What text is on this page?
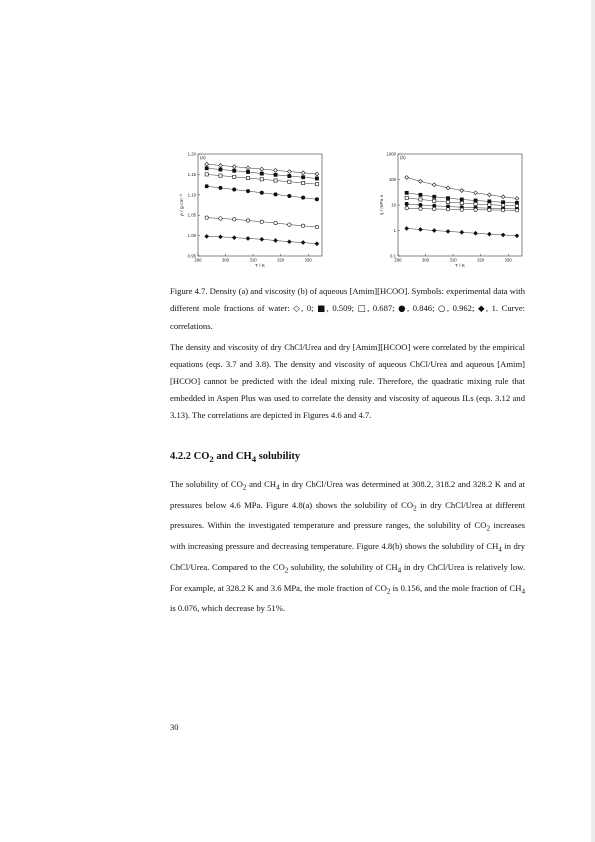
290	300	310	320	330
0.95
1.00
1.05
1.10
1.15
1.20
T / K
ρ / g·cm⁻³
(a)
290	300	310	320	330
0.1
1
10
100
1000
T / K
η / mPa·s
(b)
Figure 4.7. Density (a) and viscosity (b) of aqueous [Amim][HCOO]. Symbols: experimental data with different mole fractions of water: ◇, 0; ■, 0.509; □, 0.687; ●, 0.846; ○, 0.962; ◆, 1. Curve: correlations.
The density and viscosity of dry ChCl/Urea and dry [Amim][HCOO] were correlated by the empirical equations (eqs. 3.7 and 3.8). The density and viscosity of aqueous ChCl/Urea and aqueous [Amim][HCOO] cannot be predicted with the ideal mixing rule. Therefore, the quadratic mixing rule that embedded in Aspen Plus was used to correlate the density and viscosity of aqueous ILs (eqs. 3.12 and 3.13). The correlations are depicted in Figures 4.6 and 4.7.
4.2.2 $CO_2$ and $CH_4$ solubility
The solubility of $CO_2$ and $CH_4$ in dry ChCl/Urea was determined at 308.2, 318.2 and 328.2 K and at pressures below 4.6 MPa. Figure 4.8(a) shows the solubility of $CO_2$ in dry ChCl/Urea at different pressures. Within the investigated temperature and pressure ranges, the solubility of $CO_2$ increases with increasing pressure and decreasing temperature. Figure 4.8(b) shows the solubility of $CH_4$ in dry ChCl/Urea. Compared to the $CO_2$ solubility, the solubility of $CH_4$ in dry ChCl/Urea is relatively low. For example, at 328.2 K and 3.6 MPa, the mole fraction of $CO_2$ is 0.156, and the mole fraction of $CH_4$ is 0.076, which decrease by 51%.
30
